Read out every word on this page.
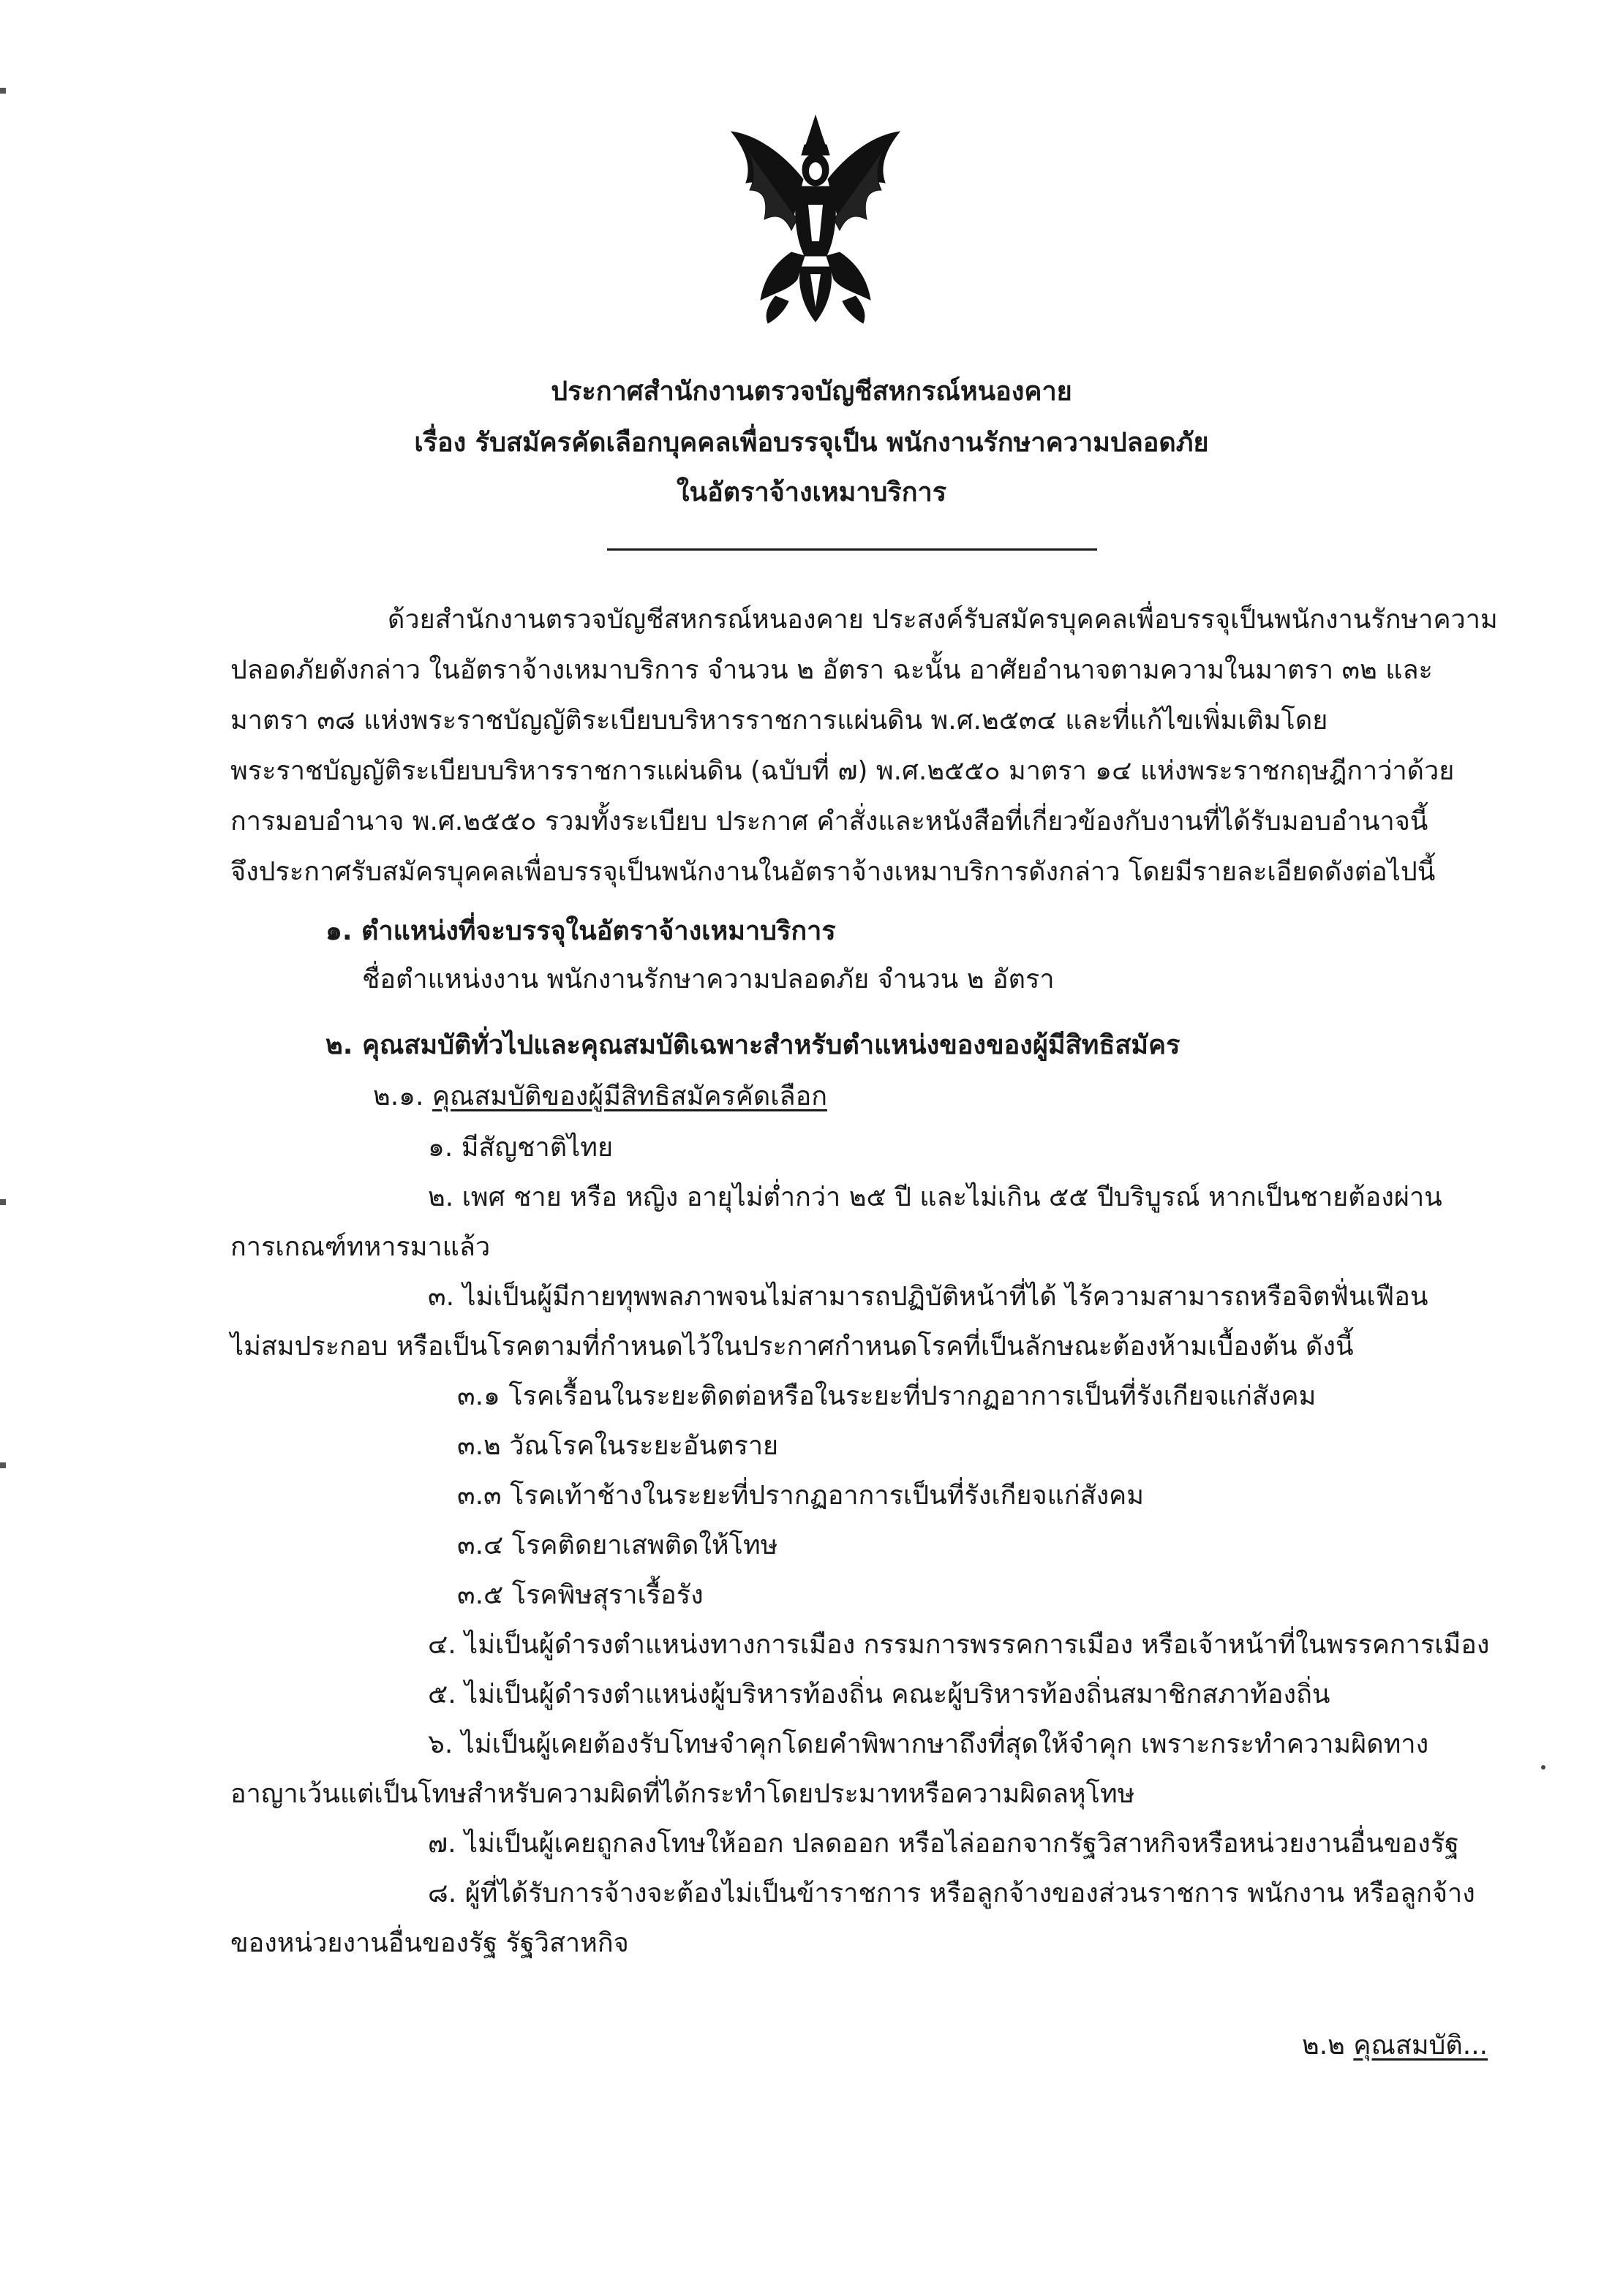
ประกาศสำนักงานตรวจบัญชีสหกรณ์หนองคาย
เรื่อง รับสมัครคัดเลือกบุคคลเพื่อบรรจุเป็น พนักงานรักษาความปลอดภัย
ในอัตราจ้างเหมาบริการ
ด้วยสำนักงานตรวจบัญชีสหกรณ์หนองคาย ประสงค์รับสมัครบุคคลเพื่อบรรจุเป็นพนักงานรักษาความ
ปลอดภัยดังกล่าว ในอัตราจ้างเหมาบริการ จำนวน ๒ อัตรา ฉะนั้น อาศัยอำนาจตามความในมาตรา ๓๒ และ
มาตรา ๓๘ แห่งพระราชบัญญัติระเบียบบริหารราชการแผ่นดิน พ.ศ.๒๕๓๔ และที่แก้ไขเพิ่มเติมโดย
พระราชบัญญัติระเบียบบริหารราชการแผ่นดิน (ฉบับที่ ๗) พ.ศ.๒๕๕๐ มาตรา ๑๔ แห่งพระราชกฤษฎีกาว่าด้วย
การมอบอำนาจ พ.ศ.๒๕๕๐ รวมทั้งระเบียบ ประกาศ คำสั่งและหนังสือที่เกี่ยวข้องกับงานที่ได้รับมอบอำนาจนี้
จึงประกาศรับสมัครบุคคลเพื่อบรรจุเป็นพนักงานในอัตราจ้างเหมาบริการดังกล่าว โดยมีรายละเอียดดังต่อไปนี้
๑. ตำแหน่งที่จะบรรจุในอัตราจ้างเหมาบริการ
ชื่อตำแหน่งงาน พนักงานรักษาความปลอดภัย จำนวน ๒ อัตรา
๒. คุณสมบัติทั่วไปและคุณสมบัติเฉพาะสำหรับตำแหน่งของของผู้มีสิทธิสมัคร
๒.๑. คุณสมบัติของผู้มีสิทธิสมัครคัดเลือก
๑. มีสัญชาติไทย
๒. เพศ ชาย หรือ หญิง อายุไม่ต่ำกว่า ๒๕ ปี และไม่เกิน ๕๕ ปีบริบูรณ์ หากเป็นชายต้องผ่าน
การเกณฑ์ทหารมาแล้ว
๓. ไม่เป็นผู้มีกายทุพพลภาพจนไม่สามารถปฏิบัติหน้าที่ได้ ไร้ความสามารถหรือจิตฟั่นเฟือน
ไม่สมประกอบ หรือเป็นโรคตามที่กำหนดไว้ในประกาศกำหนดโรคที่เป็นลักษณะต้องห้ามเบื้องต้น ดังนี้
๓.๑ โรคเรื้อนในระยะติดต่อหรือในระยะที่ปรากฏอาการเป็นที่รังเกียจแก่สังคม
๓.๒ วัณโรคในระยะอันตราย
๓.๓ โรคเท้าช้างในระยะที่ปรากฏอาการเป็นที่รังเกียจแก่สังคม
๓.๔ โรคติดยาเสพติดให้โทษ
๓.๕ โรคพิษสุราเรื้อรัง
๔. ไม่เป็นผู้ดำรงตำแหน่งทางการเมือง กรรมการพรรคการเมือง หรือเจ้าหน้าที่ในพรรคการเมือง
๕. ไม่เป็นผู้ดำรงตำแหน่งผู้บริหารท้องถิ่น คณะผู้บริหารท้องถิ่นสมาชิกสภาท้องถิ่น
๖. ไม่เป็นผู้เคยต้องรับโทษจำคุกโดยคำพิพากษาถึงที่สุดให้จำคุก เพราะกระทำความผิดทาง
อาญาเว้นแต่เป็นโทษสำหรับความผิดที่ได้กระทำโดยประมาทหรือความผิดลหุโทษ
๗. ไม่เป็นผู้เคยถูกลงโทษให้ออก ปลดออก หรือไล่ออกจากรัฐวิสาหกิจหรือหน่วยงานอื่นของรัฐ
๘. ผู้ที่ได้รับการจ้างจะต้องไม่เป็นข้าราชการ หรือลูกจ้างของส่วนราชการ พนักงาน หรือลูกจ้าง
ของหน่วยงานอื่นของรัฐ รัฐวิสาหกิจ
๒.๒ คุณสมบัติ...
